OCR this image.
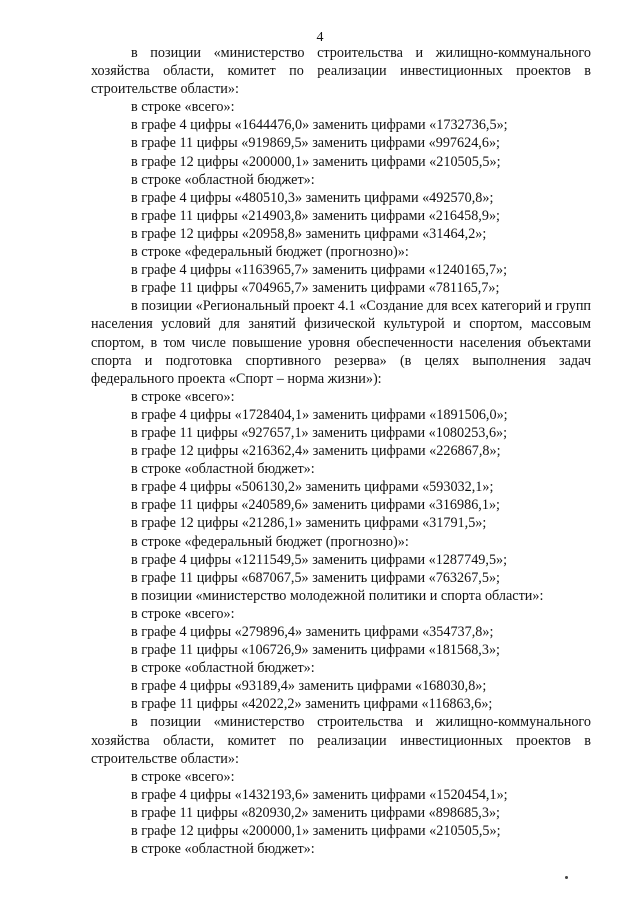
4

в позиции «министерство строительства и жилищно-коммунального хозяйства области, комитет по реализации инвестиционных проектов в строительстве области»:

в строке «всего»:

в графе 4 цифры «1644476,0» заменить цифрами «1732736,5»;

в графе 11 цифры «919869,5» заменить цифрами «997624,6»;

в графе 12 цифры «200000,1» заменить цифрами «210505,5»;

в строке «областной бюджет»:

в графе 4 цифры «480510,3» заменить цифрами «492570,8»;

в графе 11 цифры «214903,8» заменить цифрами «216458,9»;

в графе 12 цифры «20958,8» заменить цифрами «31464,2»;

в строке «федеральный бюджет (прогнозно)»:

в графе 4 цифры «1163965,7» заменить цифрами «1240165,7»;

в графе 11 цифры «704965,7» заменить цифрами «781165,7»;

в позиции «Региональный проект 4.1 «Создание для всех категорий и групп населения условий для занятий физической культурой и спортом, массовым спортом, в том числе повышение уровня обеспеченности населения объектами спорта и подготовка спортивного резерва» (в целях выполнения задач федерального проекта «Спорт – норма жизни»):

в строке «всего»:

в графе 4 цифры «1728404,1» заменить цифрами «1891506,0»;

в графе 11 цифры «927657,1» заменить цифрами «1080253,6»;

в графе 12 цифры «216362,4» заменить цифрами «226867,8»;

в строке «областной бюджет»:

в графе 4 цифры «506130,2» заменить цифрами «593032,1»;

в графе 11 цифры «240589,6» заменить цифрами «316986,1»;

в графе 12 цифры «21286,1» заменить цифрами «31791,5»;

в строке «федеральный бюджет (прогнозно)»:

в графе 4 цифры «1211549,5» заменить цифрами «1287749,5»;

в графе 11 цифры «687067,5» заменить цифрами «763267,5»;

в позиции «министерство молодежной политики и спорта области»:

в строке «всего»:

в графе 4 цифры «279896,4» заменить цифрами «354737,8»;

в графе 11 цифры «106726,9» заменить цифрами «181568,3»;

в строке «областной бюджет»:

в графе 4 цифры «93189,4» заменить цифрами «168030,8»;

в графе 11 цифры «42022,2» заменить цифрами «116863,6»;

в позиции «министерство строительства и жилищно-коммунального хозяйства области, комитет по реализации инвестиционных проектов в строительстве области»:

в строке «всего»:

в графе 4 цифры «1432193,6» заменить цифрами «1520454,1»;

в графе 11 цифры «820930,2» заменить цифрами «898685,3»;

в графе 12 цифры «200000,1» заменить цифрами «210505,5»;

в строке «областной бюджет»:
